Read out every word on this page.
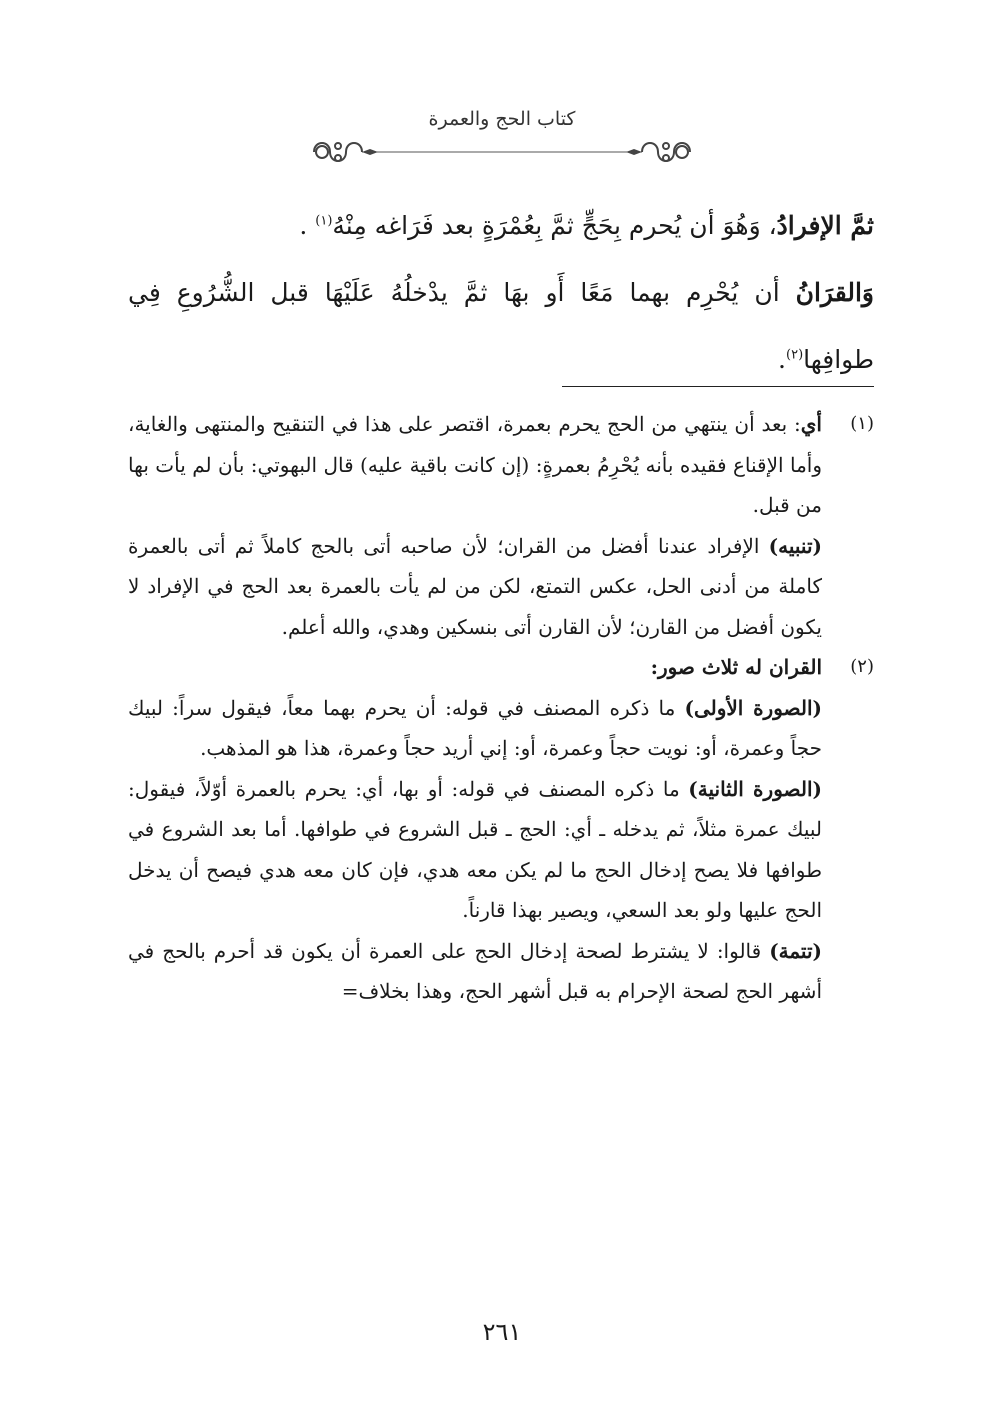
كتاب الحج والعمرة

ثمَّ الإفرادُ، وَهُوَ أن يُحرم بِحَجٍّ ثمَّ بِعُمْرَةٍ بعد فَرَاغه مِنْهُ$^{(١)}$ .

وَالقرَانُ أن يُحْرِم بهما مَعًا أَو بهَا ثمَّ يدْخلُهُ عَلَيْهَا قبل الشُّرُوعِ فِي طوافِها$^{(٢)}$.

(١)

أي: بعد أن ينتهي من الحج يحرم بعمرة، اقتصر على هذا في التنقيح والمنتهى والغاية، وأما الإقناع فقيده بأنه يُحْرِمُ بعمرةٍ: (إن كانت باقية عليه) قال البهوتي: بأن لم يأت بها من قبل.

(تنبيه) الإفراد عندنا أفضل من القران؛ لأن صاحبه أتى بالحج كاملاً ثم أتى بالعمرة كاملة من أدنى الحل، عكس التمتع، لكن من لم يأت بالعمرة بعد الحج في الإفراد لا يكون أفضل من القارن؛ لأن القارن أتى بنسكين وهدي، والله أعلم.

(٢)

القران له ثلاث صور:

(الصورة الأولى) ما ذكره المصنف في قوله: أن يحرم بهما معاً، فيقول سراً: لبيك حجاً وعمرة، أو: نويت حجاً وعمرة، أو: إني أريد حجاً وعمرة، هذا هو المذهب.

(الصورة الثانية) ما ذكره المصنف في قوله: أو بها، أي: يحرم بالعمرة أوّلاً، فيقول: لبيك عمرة مثلاً، ثم يدخله ـ أي: الحج ـ قبل الشروع في طوافها. أما بعد الشروع في طوافها فلا يصح إدخال الحج ما لم يكن معه هدي، فإن كان معه هدي فيصح أن يدخل الحج عليها ولو بعد السعي، ويصير بهذا قارناً.

(تتمة) قالوا: لا يشترط لصحة إدخال الحج على العمرة أن يكون قد أحرم بالحج في أشهر الحج لصحة الإحرام به قبل أشهر الحج، وهذا بخلاف=

٢٦١
